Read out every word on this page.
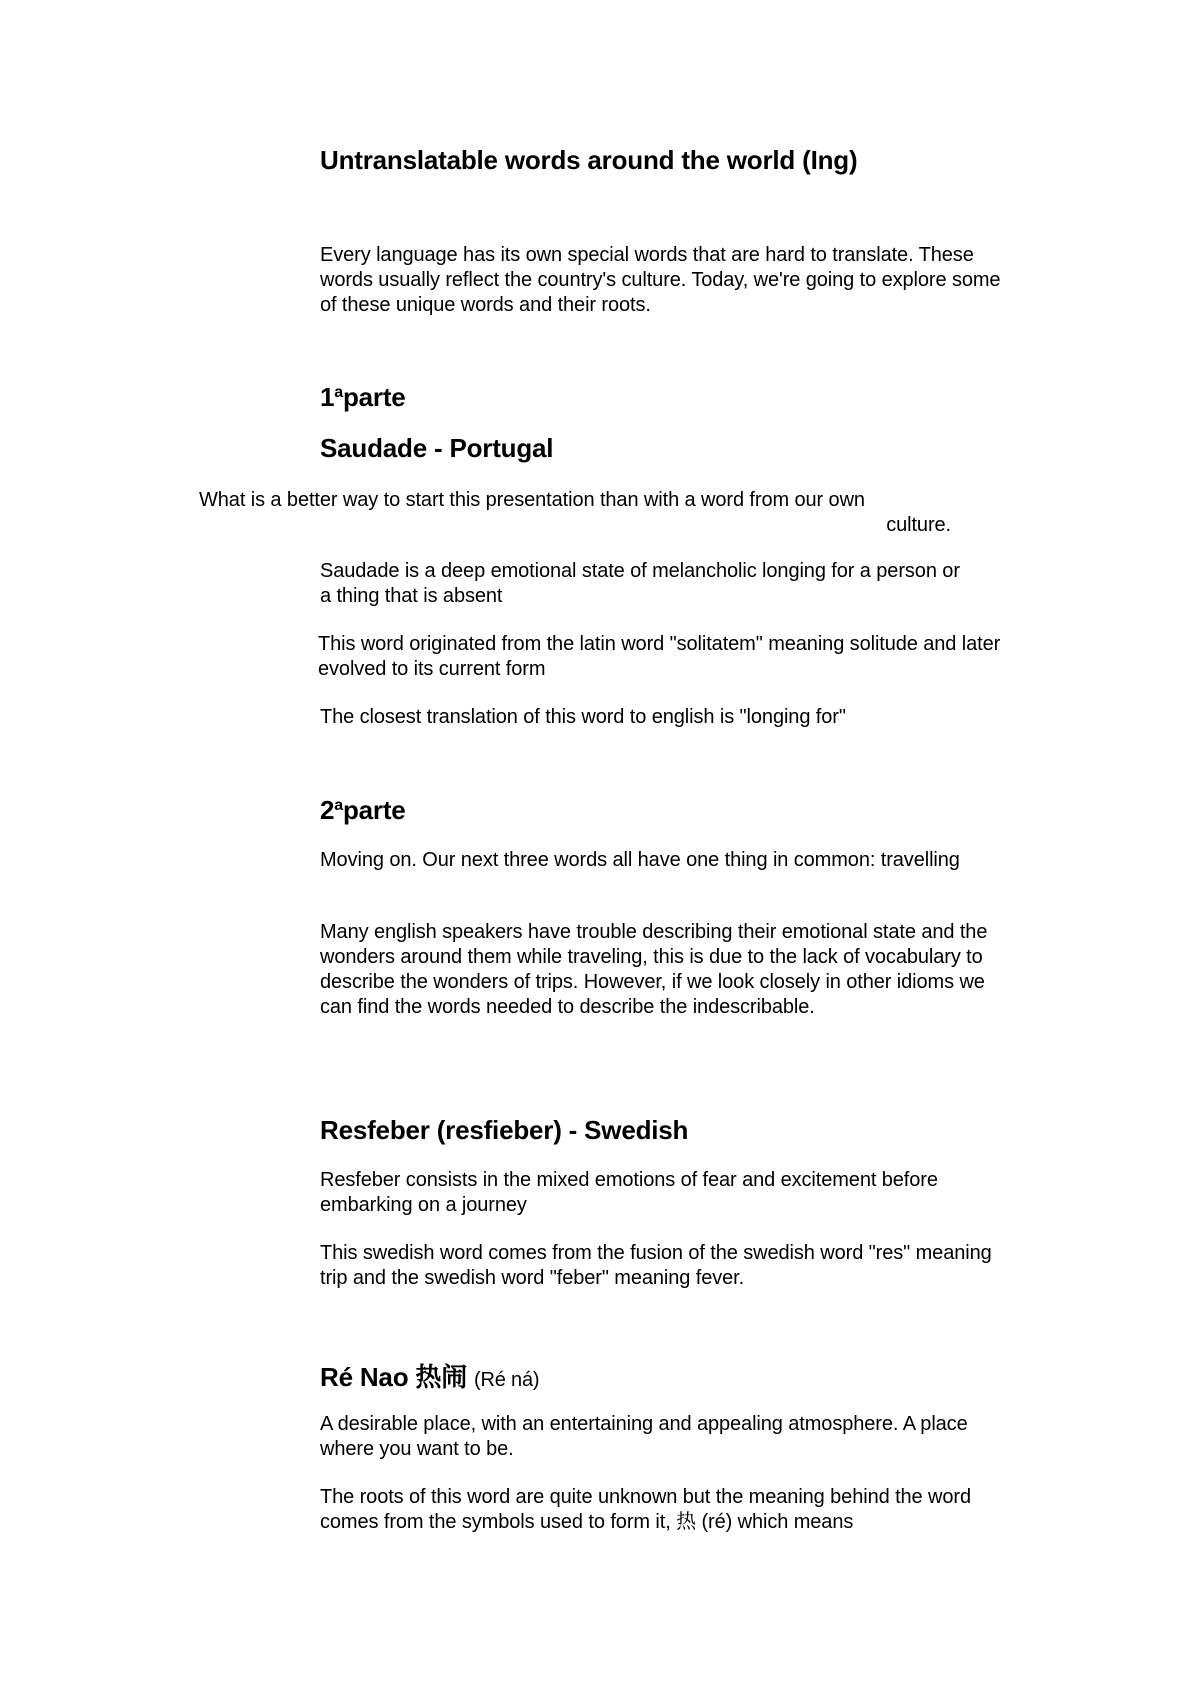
Untranslatable words around the world (Ing)
Every language has its own special words that are hard to translate. These words usually reflect the country's culture. Today, we're going to explore some of these unique words and their roots.
1$^a$parte
Saudade - Portugal
What is a better way to start this presentation than with a word from our own
culture.
Saudade is a deep emotional state of melancholic longing for a person or a thing that is absent
This word originated from the latin word "solitatem" meaning solitude and later evolved to its current form
The closest translation of this word to english is "longing for"
2$^a$parte
Moving on. Our next three words all have one thing in common: travelling
Many english speakers have trouble describing their emotional state and the wonders around them while traveling, this is due to the lack of vocabulary to describe the wonders of trips. However, if we look closely in other idioms we can find the words needed to describe the indescribable.
Resfeber (resfieber) - Swedish
Resfeber consists in the mixed emotions of fear and excitement before embarking on a journey
This swedish word comes from the fusion of the swedish word "res" meaning trip and the swedish word "feber" meaning fever.
Ré Nao 热闹 (Ré ná)
A desirable place, with an entertaining and appealing atmosphere. A place where you want to be.
The roots of this word are quite unknown but the meaning behind the word comes from the symbols used to form it, 热 (ré) which means
